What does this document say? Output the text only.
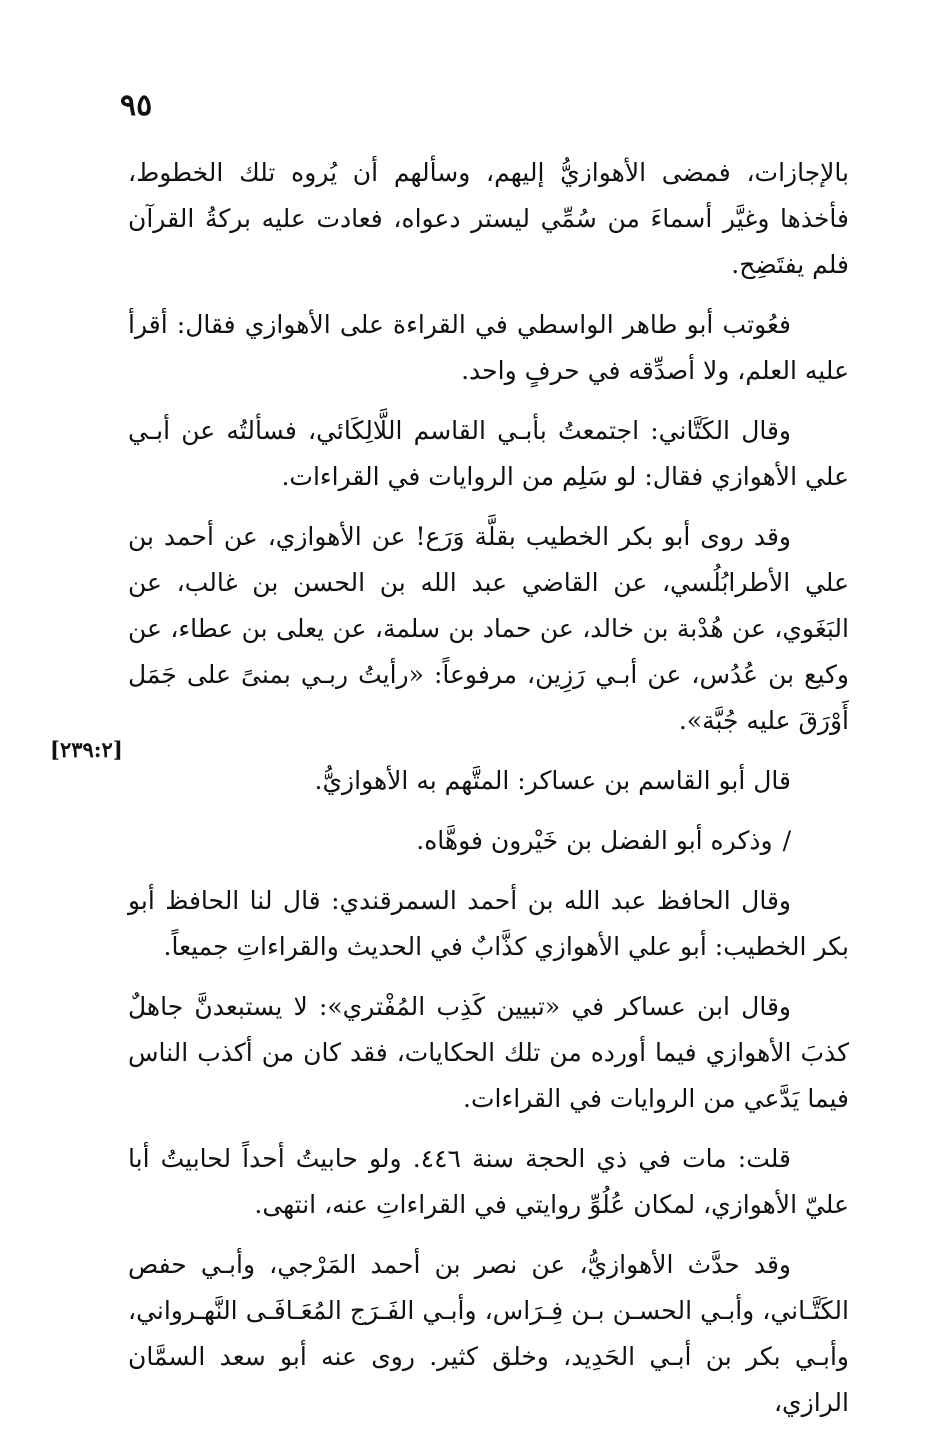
٩٥
[٢٣٩:٢]

بالإجازات، فمضى الأهوازيُّ إليهم، وسألهم أن يُروه تلك الخطوط، فأخذها وغيَّر أسماءَ من سُمِّي ليستر دعواه، فعادت عليه بركةُ القرآن فلم يفتَضِح.

فعُوتب أبو طاهر الواسطي في القراءة على الأهوازي فقال: أقرأ عليه العلم، ولا أصدِّقه في حرفٍ واحد.

وقال الكَتَّاني: اجتمعتُ بأبـي القاسم اللَّالِكَائي، فسألتُه عن أبـي علي الأهوازي فقال: لو سَلِم من الروايات في القراءات.

وقد روى أبو بكر الخطيب بقلَّة وَرَع! عن الأهوازي، عن أحمد بن علي الأطرابُلُسي، عن القاضي عبد الله بن الحسن بن غالب، عن البَغَوي، عن هُدْبة بن خالد، عن حماد بن سلمة، عن يعلى بن عطاء، عن وكيع بن عُدُس، عن أبـي رَزِين، مرفوعاً: «رأيتُ ربـي بمنىً على جَمَل أَوْرَقَ عليه جُبَّة».

قال أبو القاسم بن عساكر: المتَّهم به الأهوازيُّ.

/وذكره أبو الفضل بن خَيْرون فوهَّاه.

وقال الحافظ عبد الله بن أحمد السمرقندي: قال لنا الحافظ أبو بكر الخطيب: أبو علي الأهوازي كذَّابٌ في الحديث والقراءاتِ جميعاً.

وقال ابن عساكر في «تبيين كَذِب المُفْتري»: لا يستبعدنَّ جاهلٌ كذبَ الأهوازي فيما أورده من تلك الحكايات، فقد كان من أكذب الناس فيما يَدَّعي من الروايات في القراءات.

قلت: مات في ذي الحجة سنة ٤٤٦. ولو حابيتُ أحداً لحابيتُ أبا عليّ الأهوازي، لمكان عُلُوِّ روايتي في القراءاتِ عنه، انتهى.

وقد حدَّث الأهوازيُّ، عن نصر بن أحمد المَرْجي، وأبـي حفص الكَتَّـاني، وأبـي الحسـن بـن فِـرَاس، وأبـي الفَـرَج المُعَـافَـى النَّهـرواني، وأبـي بكر بن أبـي الحَدِيد، وخلق كثير. روى عنه أبو سعد السمَّان الرازي،
